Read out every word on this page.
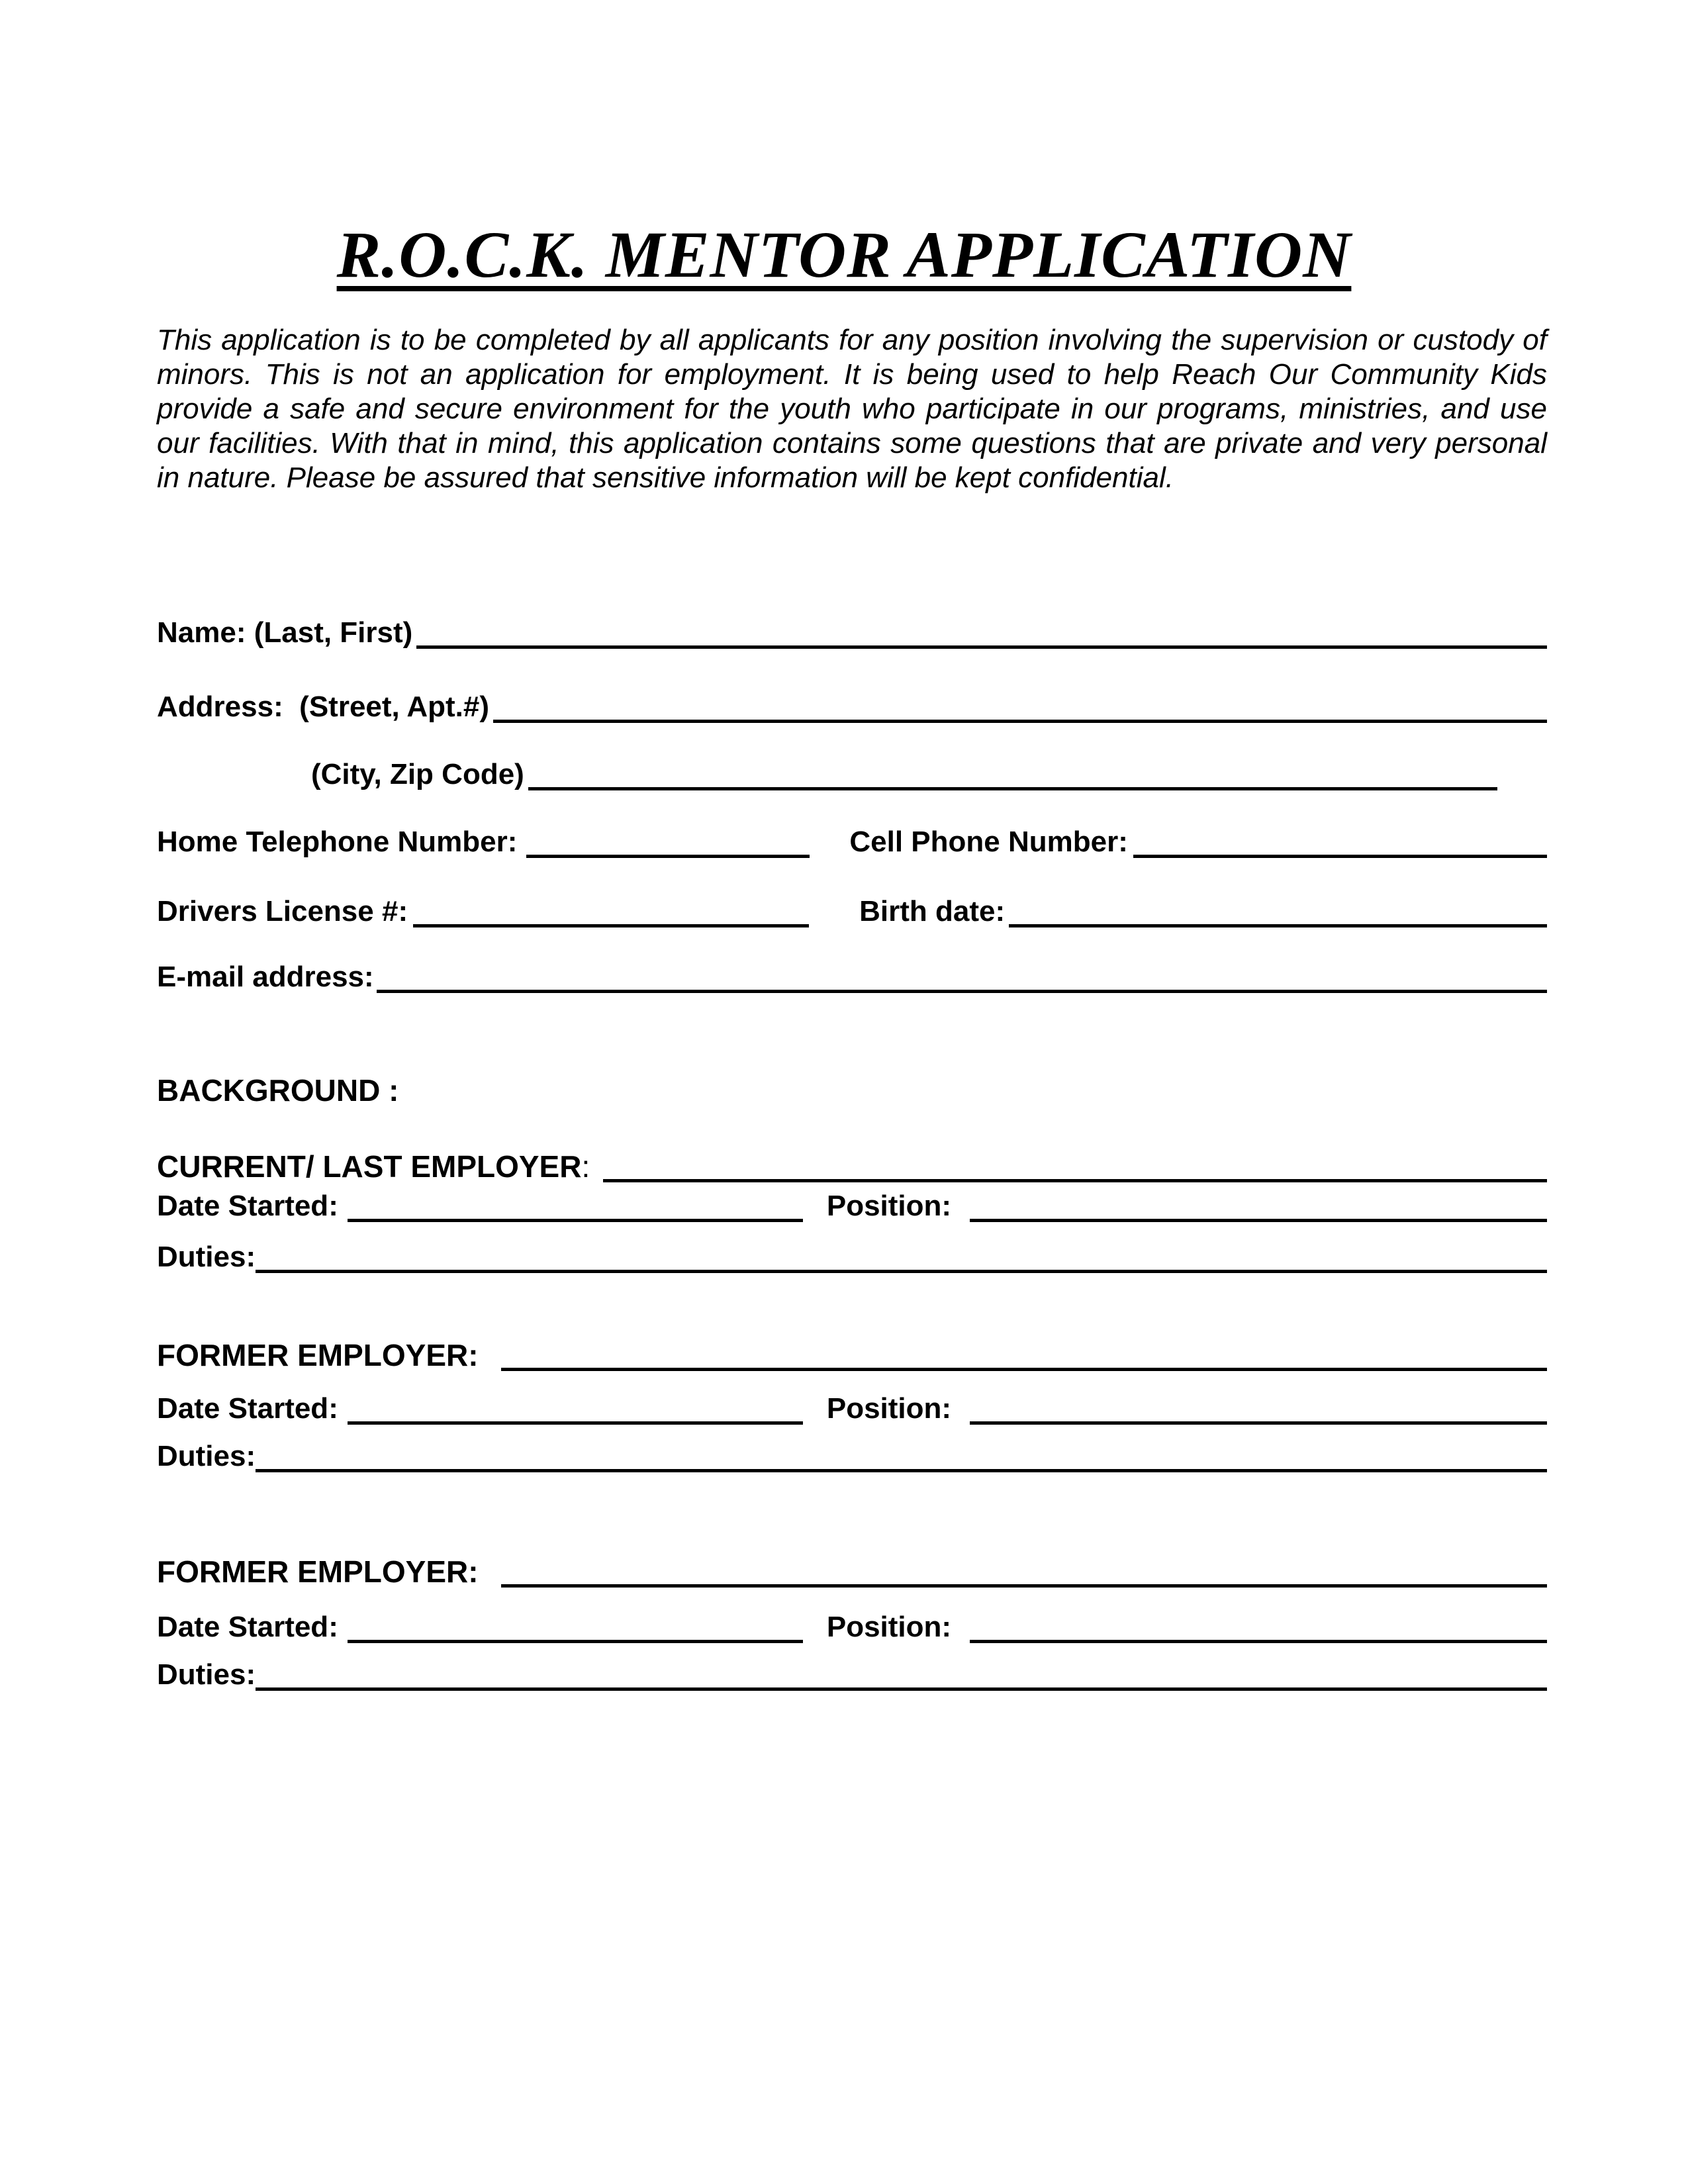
R.O.C.K. MENTOR APPLICATION

This application is to be completed by all applicants for any position involving the supervision or custody of minors. This is not an application for employment. It is being used to help Reach Our Community Kids provide a safe and secure environment for the youth who participate in our programs, ministries, and use our facilities. With that in mind, this application contains some questions that are private and very personal in nature. Please be assured that sensitive information will be kept confidential.

Name: (Last, First)
Address:  (Street, Apt.#)
(City, Zip Code)
Home Telephone Number:	Cell Phone Number:
Drivers License #:	Birth date:
E-mail address:
BACKGROUND :
CURRENT/ LAST EMPLOYER :
Date Started:	Position:
Duties:
FORMER EMPLOYER:
Date Started:	Position:
Duties:
FORMER EMPLOYER:
Date Started:	Position:
Duties:
